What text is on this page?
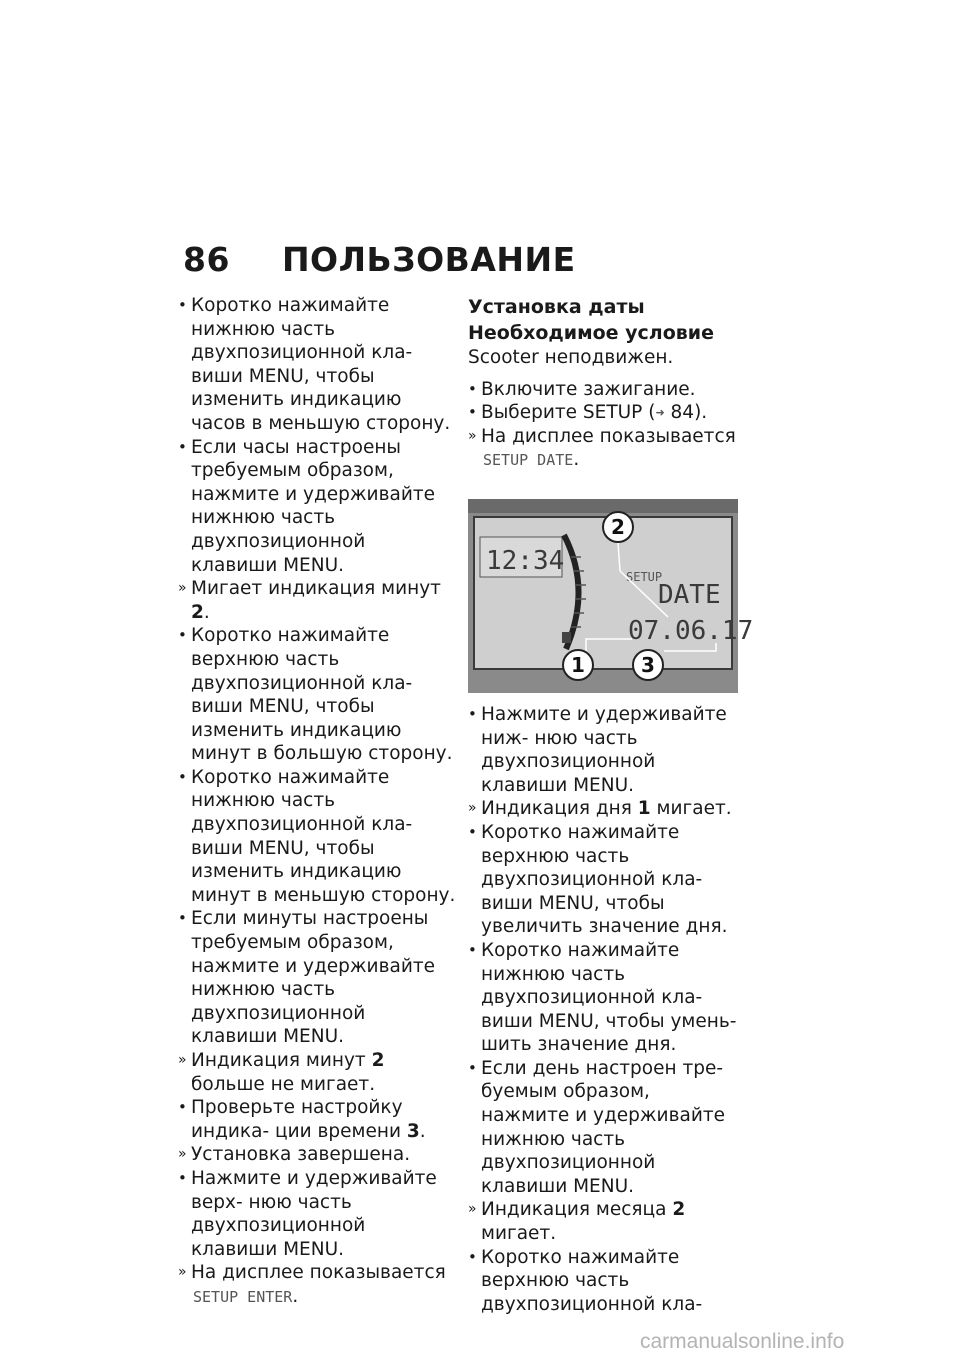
86 ПОЛЬЗОВАНИЕ
• Коротко нажимайте нижнюю часть двухпозиционной кла- виши MENU, чтобы изменить индикацию часов в меньшую сторону.
• Если часы настроены требуемым образом, нажмите и удерживайте нижнюю часть двухпозиционной клавиши MENU.
» Мигает индикация минут 2.
• Коротко нажимайте верхнюю часть двухпозиционной кла- виши MENU, чтобы изменить индикацию минут в большую сторону.
• Коротко нажимайте нижнюю часть двухпозиционной кла- виши MENU, чтобы изменить индикацию минут в меньшую сторону.
• Если минуты настроены требуемым образом, нажмите и удерживайте нижнюю часть двухпозиционной клавиши MENU.
» Индикация минут 2 больше не мигает.
• Проверьте настройку индика- ции времени 3.
» Установка завершена.
• Нажмите и удерживайте верх- нюю часть двухпозиционной клавиши MENU.
» На дисплее показывается
SETUP ENTER.
Установка даты
Необходимое условие
Scooter неподвижен.
• Включите зажигание.
• Выберите SETUP (➜ 84).
» На дисплее показывается
SETUP DATE.
12:34
SETUP
DATE
07.06.17
2
1	3
• Нажмите и удерживайте ниж- нюю часть двухпозиционной клавиши MENU.
» Индикация дня 1 мигает.
• Коротко нажимайте верхнюю часть двухпозиционной кла- виши MENU, чтобы увеличить значение дня.
• Коротко нажимайте нижнюю часть двухпозиционной кла- виши MENU, чтобы умень- шить значение дня.
• Если день настроен тре- буемым образом, нажмите и удерживайте нижнюю часть двухпозиционной клавиши MENU.
» Индикация месяца 2 мигает.
• Коротко нажимайте верхнюю часть двухпозиционной кла-
carmanualsonline.info
